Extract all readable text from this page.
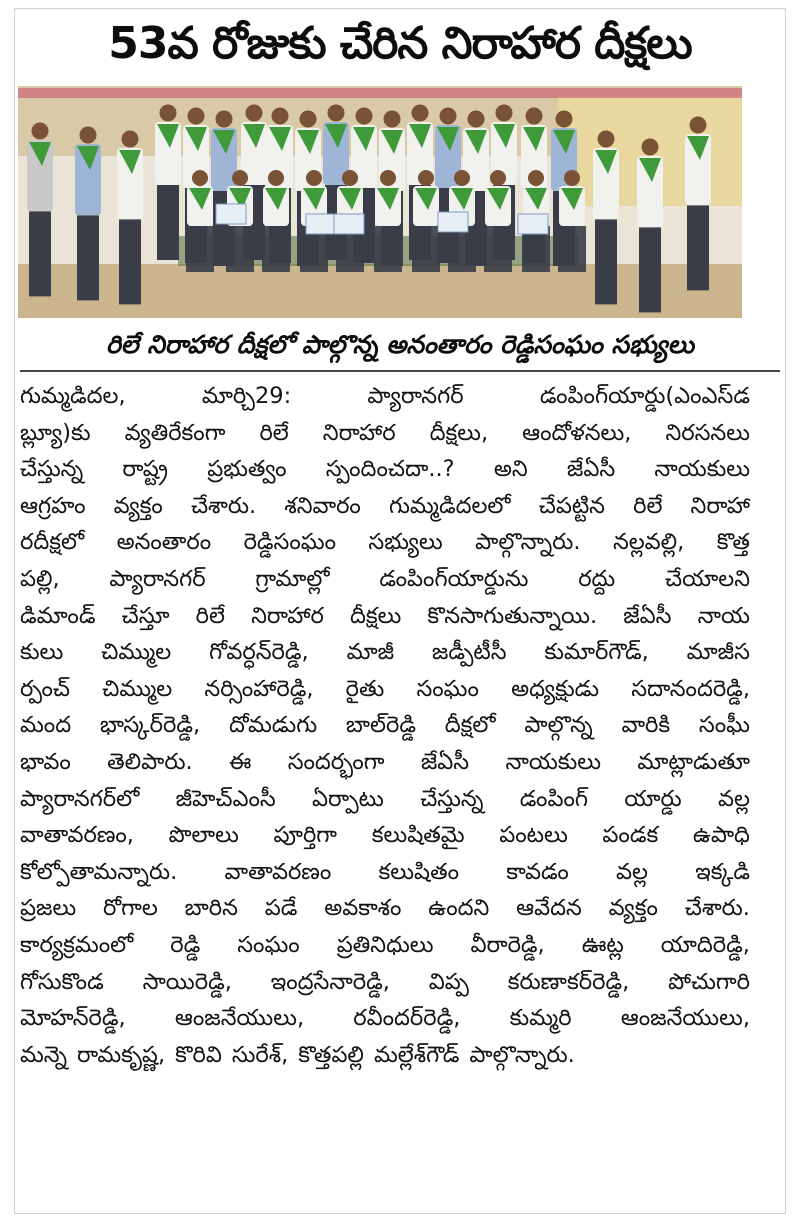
53వ రోజుకు చేరిన నిరాహార దీక్షలు
రిలే నిరాహార దీక్షలో పాల్గొన్న అనంతారం రెడ్డిసంఘం సభ్యులు
గుమ్మడిదల,	మార్చి29:	ప్యారానగర్	డంపింగ్‌యార్డు(ఎంఎస్‌డ
బ్ల్యూ)కు వ్యతిరేకంగా రిలే నిరాహార దీక్షలు, ఆందోళనలు, నిరసనలు
చేస్తున్న రాష్ట్ర ప్రభుత్వం స్పందించదా..? అని జేఏసీ నాయకులు
ఆగ్రహం వ్యక్తం చేశారు. శనివారం గుమ్మడిదలలో చేపట్టిన రిలే నిరాహా
రదీక్షలో అనంతారం రెడ్డిసంఘం సభ్యులు పాల్గొన్నారు. నల్లవల్లి, కొత్త
పల్లి, ప్యారానగర్ గ్రామాల్లో డంపింగ్‌యార్డును రద్దు చేయాలని
డిమాండ్ చేస్తూ రిలే నిరాహార దీక్షలు కొనసాగుతున్నాయి. జేఏసీ నాయ
కులు చిమ్ముల గోవర్ధన్‌రెడ్డి, మాజీ జడ్పీటీసీ కుమార్‌గౌడ్, మాజీస
ర్పంచ్ చిమ్ముల నర్సింహారెడ్డి, రైతు సంఘం అధ్యక్షుడు సదానందరెడ్డి,
మంద భాస్కర్‌రెడ్డి, దోమడుగు బాల్‌రెడ్డి దీక్షలో పాల్గొన్న వారికి సంఘీ
భావం తెలిపారు. ఈ సందర్భంగా జేఏసీ నాయకులు మాట్లాడుతూ
ప్యారానగర్‌లో జీహెచ్‌ఎంసీ ఏర్పాటు చేస్తున్న డంపింగ్ యార్డు వల్ల
వాతావరణం, పొలాలు పూర్తిగా కలుషితమై పంటలు పండక ఉపాధి
కోల్పోతామన్నారు. వాతావరణం కలుషితం కావడం వల్ల ఇక్కడి
ప్రజలు రోగాల బారిన పడే అవకాశం ఉందని ఆవేదన వ్యక్తం చేశారు.
కార్యక్రమంలో రెడ్డి సంఘం ప్రతినిధులు వీరారెడ్డి, ఊట్ల యాదిరెడ్డి,
గోసుకొండ సాయిరెడ్డి, ఇంద్రసేనారెడ్డి, విప్ప కరుణాకర్‌రెడ్డి, పోచుగారి
మోహన్‌రెడ్డి, ఆంజనేయులు, రవీందర్‌రెడ్డి, కుమ్మరి ఆంజనేయులు,
మన్నె రామకృష్ణ, కొరివి సురేశ్, కొత్తపల్లి మల్లేశ్‌గౌడ్ పాల్గొన్నారు.
